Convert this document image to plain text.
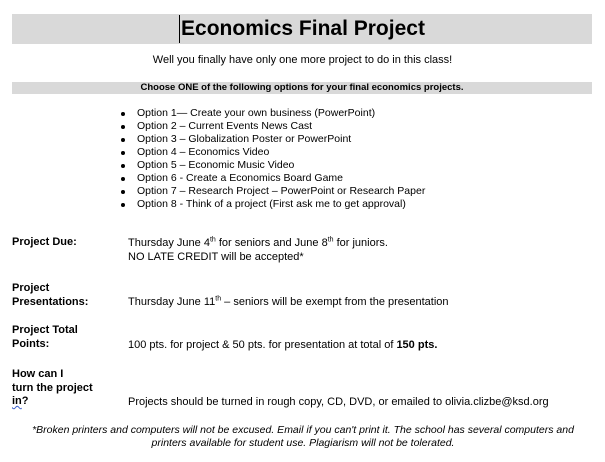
Economics Final Project
Well you finally have only one more project to do in this class!
Choose ONE of the following options for your final economics projects.
Option 1— Create your own business (PowerPoint)
Option 2 – Current Events News Cast
Option 3 – Globalization Poster or PowerPoint
Option 4 – Economics Video
Option 5 – Economic Music Video
Option 6 - Create a Economics Board Game
Option 7 – Research Project – PowerPoint or Research Paper
Option 8 - Think of a project (First ask me to get approval)
Project Due:	Thursday June 4th for seniors and June 8th for juniors.
NO LATE CREDIT will be accepted*
Project
Presentations:	Thursday June 11th – seniors will be exempt from the presentation
Project Total
Points:	100 pts. for project & 50 pts. for presentation at total of 150 pts.
How can I
turn the project
in?	Projects should be turned in rough copy, CD, DVD, or emailed to olivia.clizbe@ksd.org
*Broken printers and computers will not be excused. Email if you can't print it. The school has several computers and printers available for student use. Plagiarism will not be tolerated.
